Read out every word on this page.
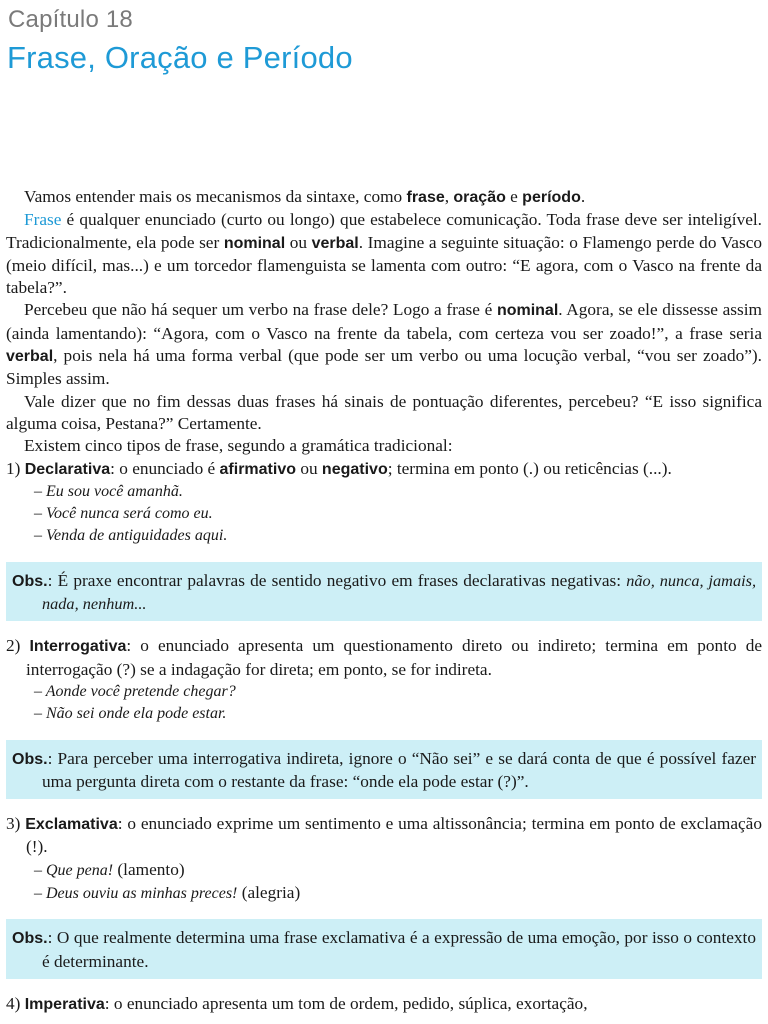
Capítulo 18
Frase, Oração e Período

Vamos entender mais os mecanismos da sintaxe, como frase, oração e período.

Frase é qualquer enunciado (curto ou longo) que estabelece comunicação. Toda frase deve ser inteligível. Tradicionalmente, ela pode ser nominal ou verbal. Imagine a seguinte situação: o Flamengo perde do Vasco (meio difícil, mas...) e um torcedor flamenguista se lamenta com outro: “E agora, com o Vasco na frente da tabela?”.

Percebeu que não há sequer um verbo na frase dele? Logo a frase é nominal. Agora, se ele dissesse assim (ainda lamentando): “Agora, com o Vasco na frente da tabela, com certeza vou ser zoado!”, a frase seria verbal, pois nela há uma forma verbal (que pode ser um verbo ou uma locução verbal, “vou ser zoado”). Simples assim.

Vale dizer que no fim dessas duas frases há sinais de pontuação diferentes, percebeu? “E isso significa alguma coisa, Pestana?” Certamente.

Existem cinco tipos de frase, segundo a gramática tradicional:

1) Declarativa: o enunciado é afirmativo ou negativo; termina em ponto (.) ou reticências (...).

– Eu sou você amanhã.

– Você nunca será como eu.

– Venda de antiguidades aqui.

Obs.: É praxe encontrar palavras de sentido negativo em frases declarativas negativas: não, nunca, jamais, nada, nenhum...

2) Interrogativa: o enunciado apresenta um questionamento direto ou indireto; termina em ponto de interrogação (?) se a indagação for direta; em ponto, se for indireta.

– Aonde você pretende chegar?

– Não sei onde ela pode estar.

Obs.: Para perceber uma interrogativa indireta, ignore o “Não sei” e se dará conta de que é possível fazer uma pergunta direta com o restante da frase: “onde ela pode estar (?)”.

3) Exclamativa: o enunciado exprime um sentimento e uma altissonância; termina em ponto de exclamação (!).

– Que pena! (lamento)

– Deus ouviu as minhas preces! (alegria)

Obs.: O que realmente determina uma frase exclamativa é a expressão de uma emoção, por isso o contexto é determinante.

4) Imperativa: o enunciado apresenta um tom de ordem, pedido, súplica, exortação,
